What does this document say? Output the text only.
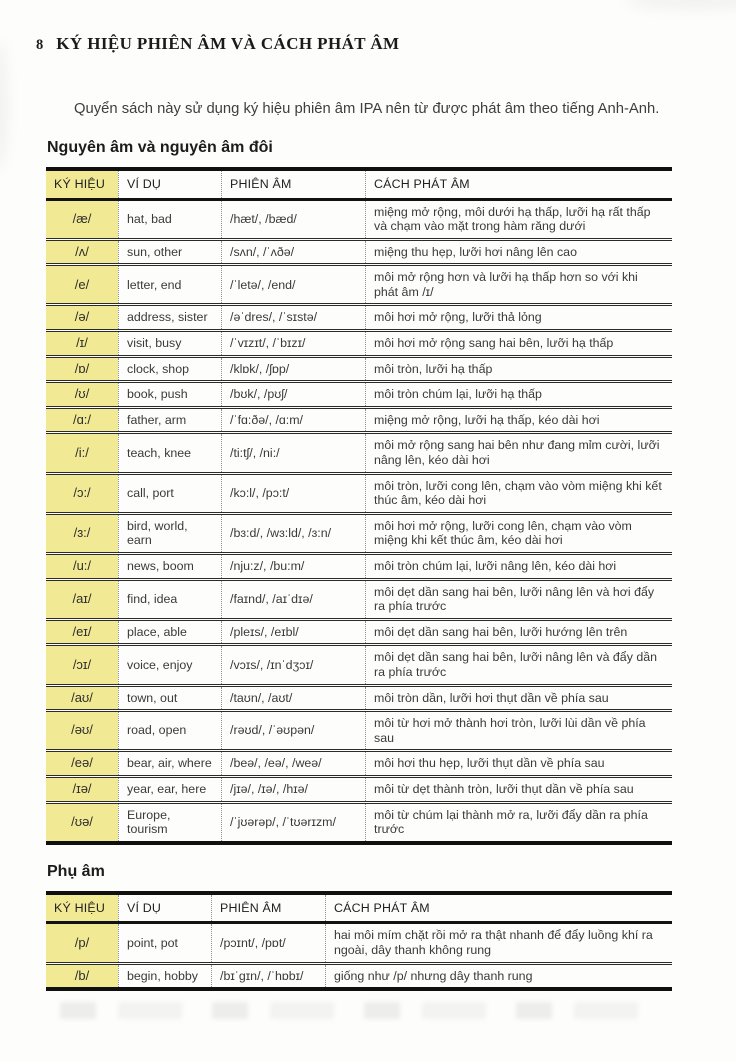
8 KÝ HIỆU PHIÊN ÂM VÀ CÁCH PHÁT ÂM

Quyển sách này sử dụng ký hiệu phiên âm IPA nên từ được phát âm theo tiếng Anh-Anh.

Nguyên âm và nguyên âm đôi
KÝ HIỆU	VÍ DỤ	PHIÊN ÂM	CÁCH PHÁT ÂM
/æ/	hat, bad	/hæt/, /bæd/	miệng mở rộng, môi dưới hạ thấp, lưỡi hạ rất thấp và chạm vào mặt trong hàm răng dưới
/ʌ/	sun, other	/sʌn/, /ˈʌðə/	miệng thu hẹp, lưỡi hơi nâng lên cao
/e/	letter, end	/ˈletə/, /end/	môi mở rộng hơn và lưỡi hạ thấp hơn so với khi phát âm /ɪ/
/ə/	address, sister	/əˈdres/, /ˈsɪstə/	môi hơi mở rộng, lưỡi thả lỏng
/ɪ/	visit, busy	/ˈvɪzɪt/, /ˈbɪzɪ/	môi hơi mở rộng sang hai bên, lưỡi hạ thấp
/ɒ/	clock, shop	/klɒk/, /ʃɒp/	môi tròn, lưỡi hạ thấp
/ʊ/	book, push	/bʊk/, /pʊʃ/	môi tròn chúm lại, lưỡi hạ thấp
/ɑ:/	father, arm	/ˈfɑ:ðə/, /ɑ:m/	miệng mở rộng, lưỡi hạ thấp, kéo dài hơi
/i:/	teach, knee	/ti:tʃ/, /ni:/	môi mở rộng sang hai bên như đang mỉm cười, lưỡi nâng lên, kéo dài hơi
/ɔ:/	call, port	/kɔ:l/, /pɔ:t/	môi tròn, lưỡi cong lên, chạm vào vòm miệng khi kết thúc âm, kéo dài hơi
/ɜ:/	bird, world, earn	/bɜ:d/, /wɜ:ld/, /ɜ:n/	môi hơi mở rộng, lưỡi cong lên, chạm vào vòm miệng khi kết thúc âm, kéo dài hơi
/u:/	news, boom	/nju:z/, /bu:m/	môi tròn chúm lại, lưỡi nâng lên, kéo dài hơi
/aɪ/	find, idea	/faɪnd/, /aɪˈdɪə/	môi dẹt dần sang hai bên, lưỡi nâng lên và hơi đẩy ra phía trước
/eɪ/	place, able	/pleɪs/, /eɪbl/	môi dẹt dần sang hai bên, lưỡi hướng lên trên
/ɔɪ/	voice, enjoy	/vɔɪs/, /ɪnˈdʒɔɪ/	môi dẹt dần sang hai bên, lưỡi nâng lên và đẩy dần ra phía trước
/aʊ/	town, out	/taʊn/, /aʊt/	môi tròn dần, lưỡi hơi thụt dần về phía sau
/əʊ/	road, open	/rəʊd/, /ˈəʊpən/	môi từ hơi mở thành hơi tròn, lưỡi lùi dần về phía sau
/eə/	bear, air, where	/beə/, /eə/, /weə/	môi hơi thu hẹp, lưỡi thụt dần về phía sau
/ɪə/	year, ear, here	/jɪə/, /ɪə/, /hɪə/	môi từ dẹt thành tròn, lưỡi thụt dần về phía sau
/ʊə/	Europe, tourism	/ˈjʊərəp/, /ˈtʊərɪzm/	môi từ chúm lại thành mở ra, lưỡi đẩy dần ra phía trước
Phụ âm
KÝ HIỆU	VÍ DỤ	PHIÊN ÂM	CÁCH PHÁT ÂM
/p/	point, pot	/pɔɪnt/, /pɒt/	hai môi mím chặt rồi mở ra thật nhanh để đẩy luồng khí ra ngoài, dây thanh không rung
/b/	begin, hobby	/bɪˈgɪn/, /ˈhɒbɪ/	giống như /p/ nhưng dây thanh rung
